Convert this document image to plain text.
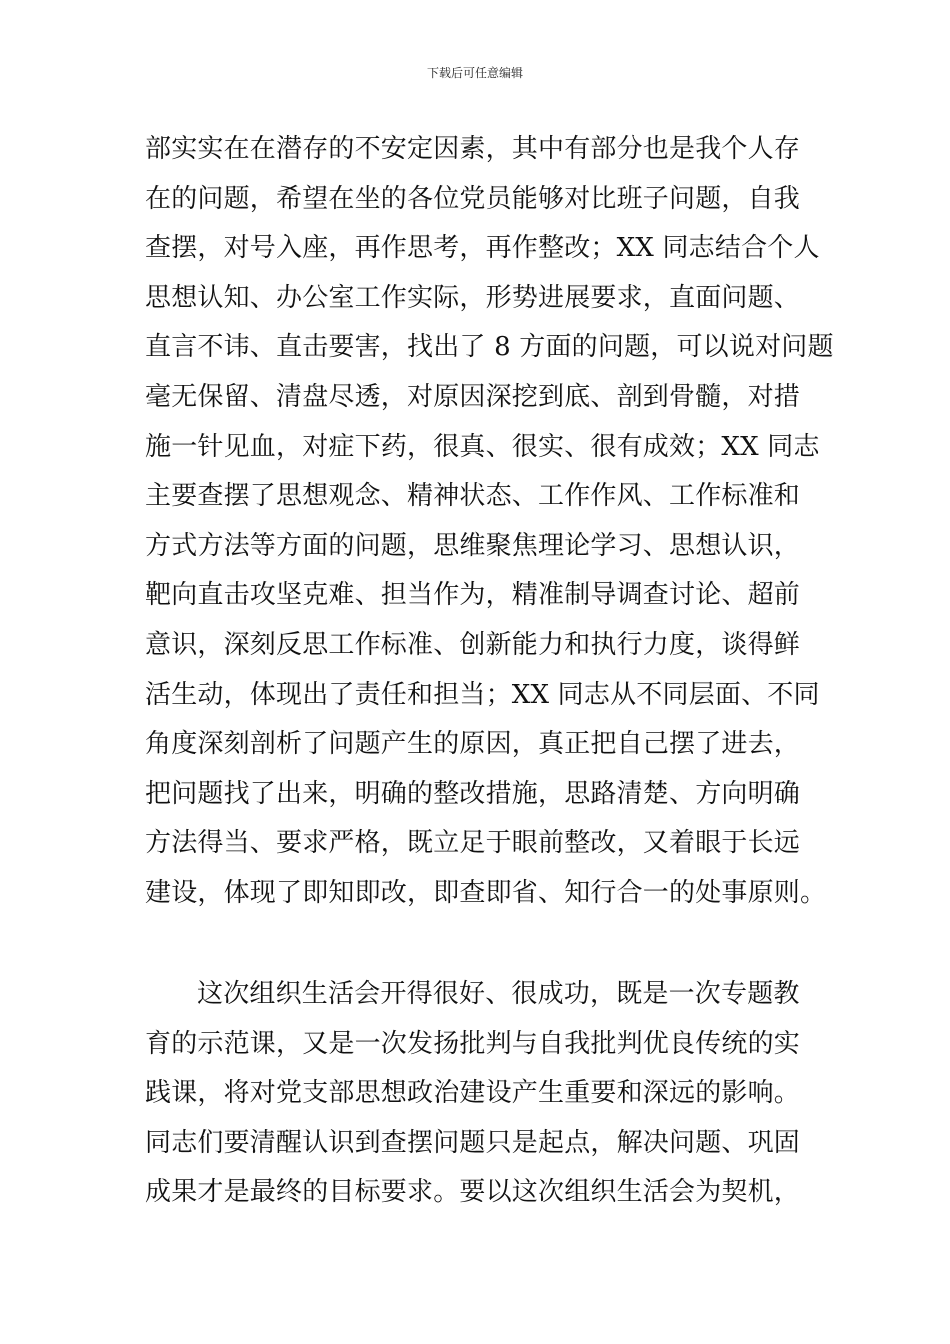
下载后可任意编辑
部实实在在潜存的不安定因素，其中有部分也是我个人存
在的问题，希望在坐的各位党员能够对比班子问题，自我
查摆，对号入座，再作思考，再作整改；XX 同志结合个人
思想认知、办公室工作实际，形势进展要求，直面问题、
直言不讳、直击要害，找出了 8 方面的问题，可以说对问题
毫无保留、清盘尽透，对原因深挖到底、剖到骨髓，对措
施一针见血，对症下药，很真、很实、很有成效；XX 同志
主要查摆了思想观念、精神状态、工作作风、工作标准和
方式方法等方面的问题，思维聚焦理论学习、思想认识，
靶向直击攻坚克难、担当作为，精准制导调查讨论、超前
意识，深刻反思工作标准、创新能力和执行力度，谈得鲜
活生动，体现出了责任和担当；XX 同志从不同层面、不同
角度深刻剖析了问题产生的原因，真正把自己摆了进去，
把问题找了出来，明确的整改措施，思路清楚、方向明确
方法得当、要求严格，既立足于眼前整改，又着眼于长远
建设，体现了即知即改，即查即省、知行合一的处事原则。
这次组织生活会开得很好、很成功，既是一次专题教
育的示范课，又是一次发扬批判与自我批判优良传统的实
践课，将对党支部思想政治建设产生重要和深远的影响。
同志们要清醒认识到查摆问题只是起点，解决问题、巩固
成果才是最终的目标要求。要以这次组织生活会为契机，
